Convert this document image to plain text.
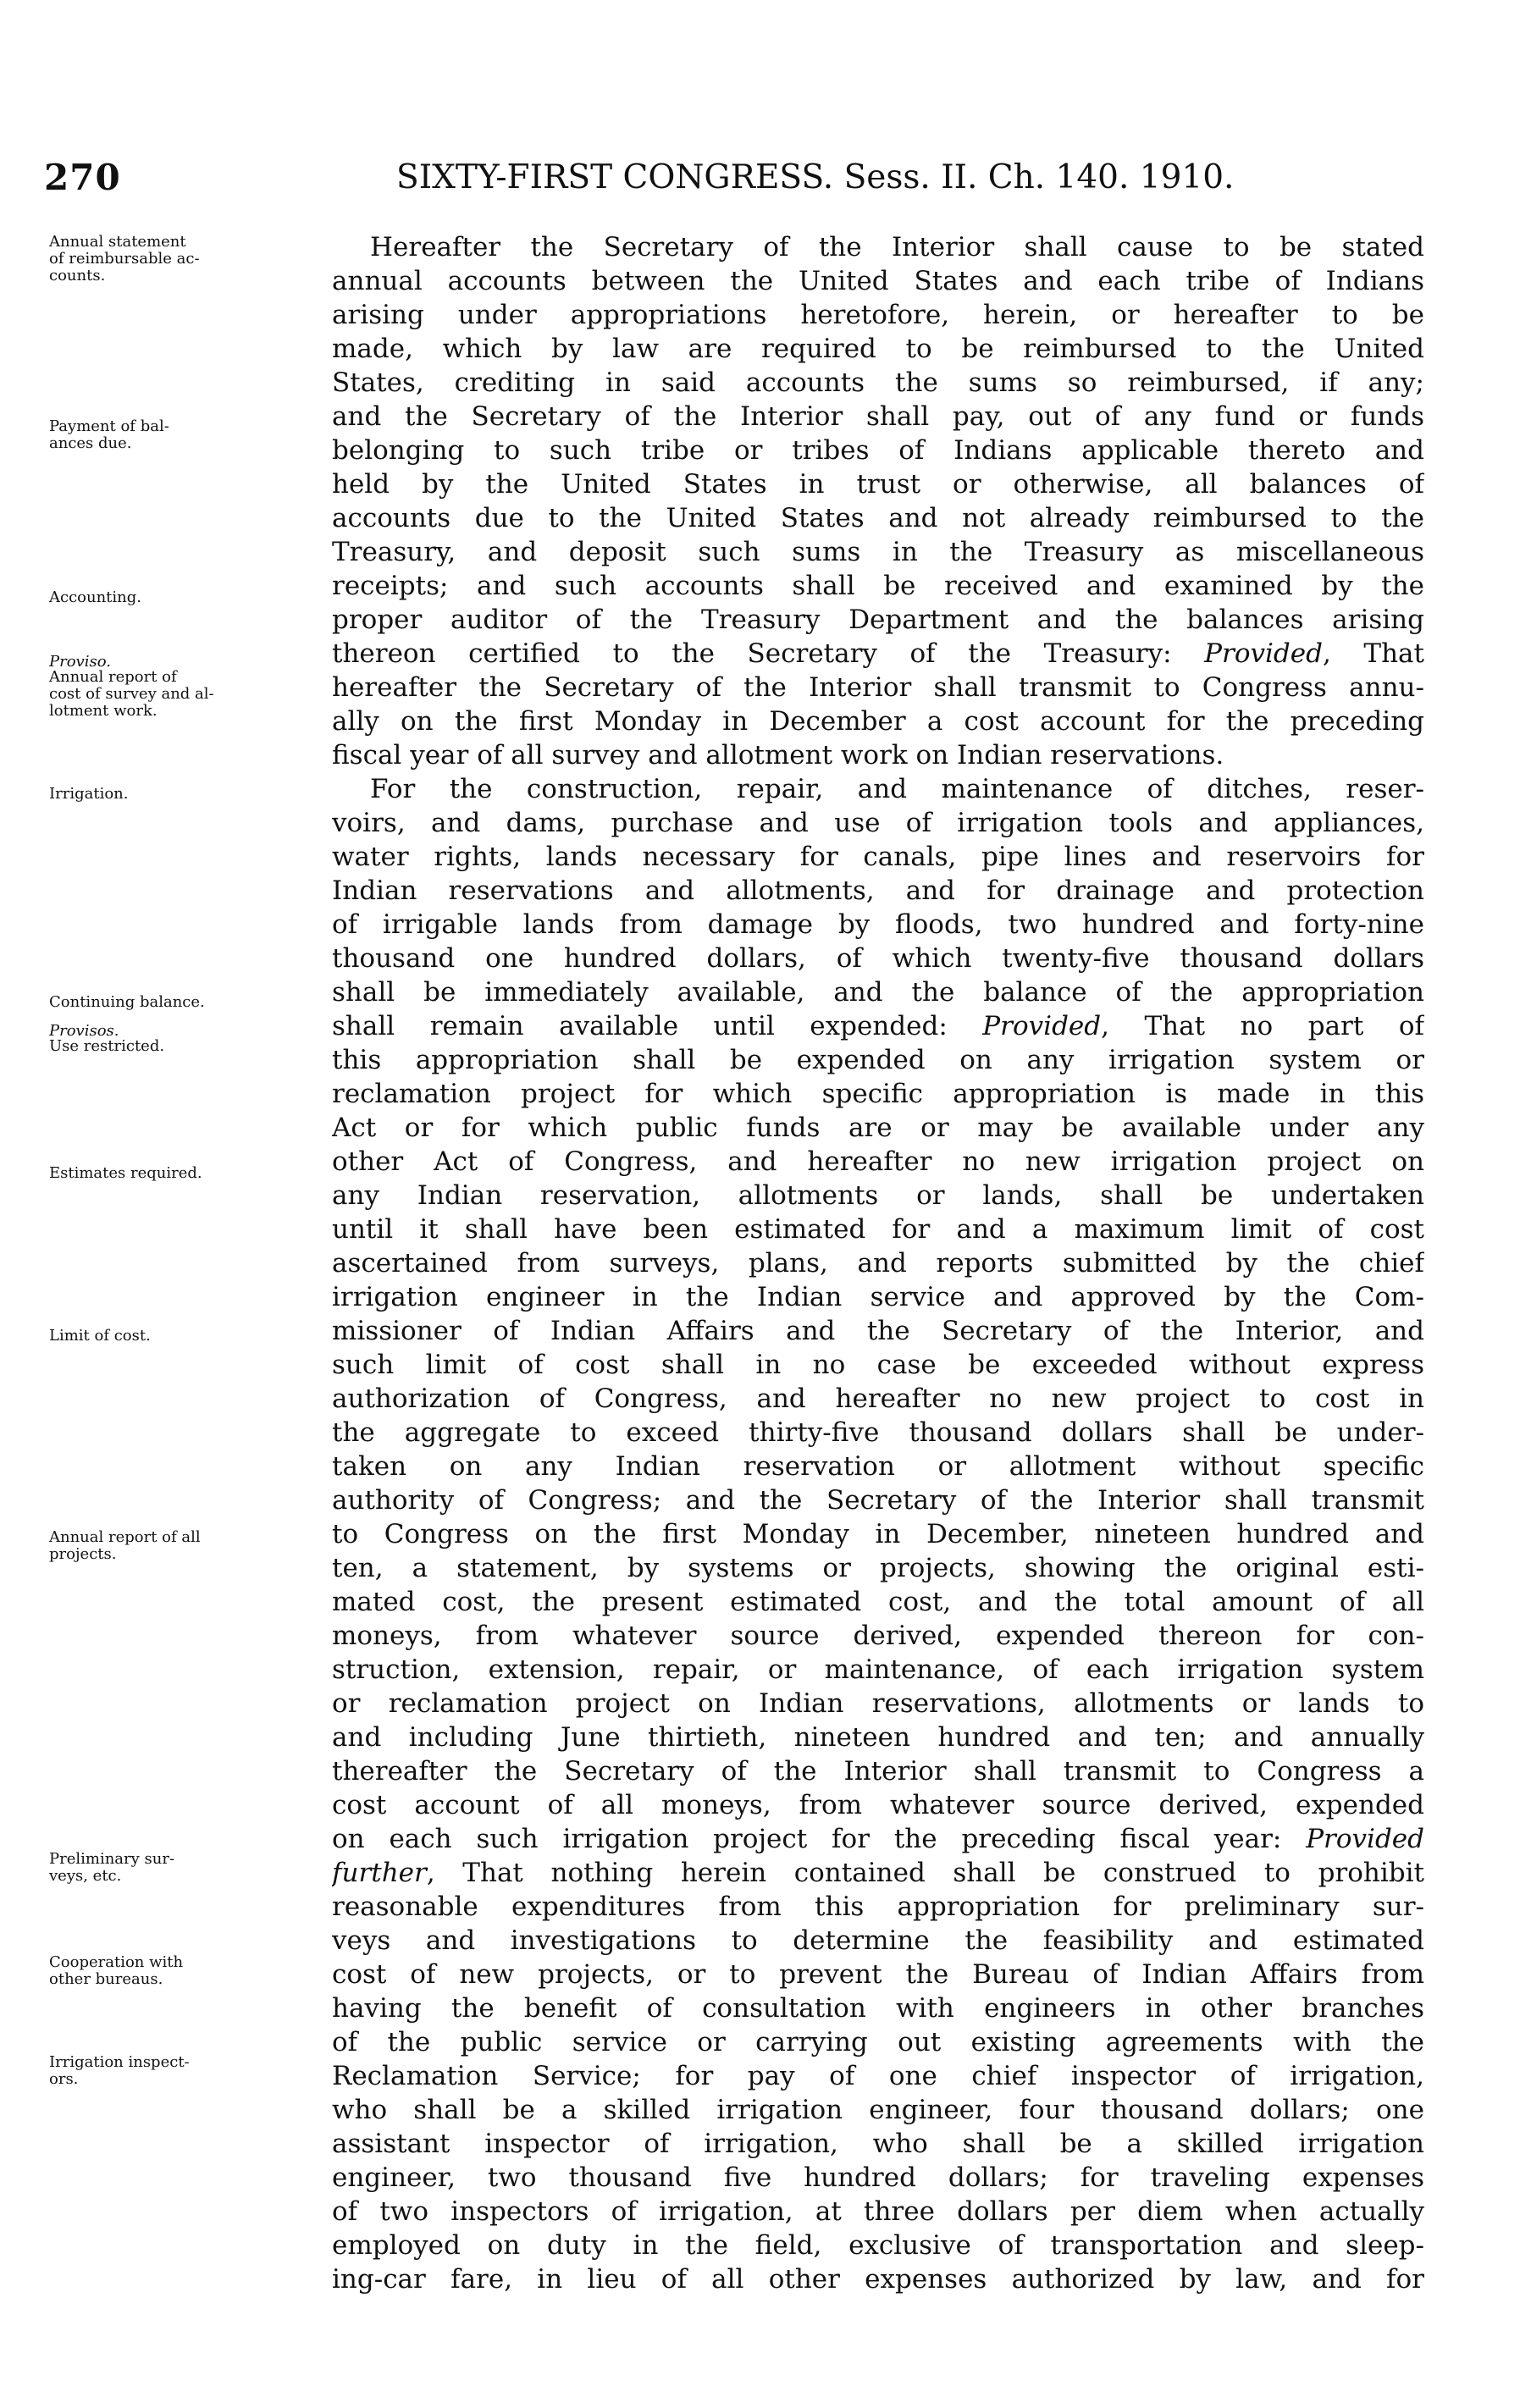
270	SIXTY-FIRST CONGRESS. Sess. II. Ch. 140. 1910.
Annual statement
of reimbursable ac-
counts.
Payment of bal-
ances due.
Accounting.
Proviso.
Annual report of
cost of survey and al-
lotment work.
Irrigation.
Continuing balance.
Provisos.
Use restricted.
Estimates required.
Limit of cost.
Annual report of all
projects.
Preliminary sur-
veys, etc.
Cooperation with
other bureaus.
Irrigation inspect-
ors.
Hereafter the Secretary of the Interior shall cause to be stated
annual accounts between the United States and each tribe of Indians
arising under appropriations heretofore, herein, or hereafter to be
made, which by law are required to be reimbursed to the United
States, crediting in said accounts the sums so reimbursed, if any;
and the Secretary of the Interior shall pay, out of any fund or funds
belonging to such tribe or tribes of Indians applicable thereto and
held by the United States in trust or otherwise, all balances of
accounts due to the United States and not already reimbursed to the
Treasury, and deposit such sums in the Treasury as miscellaneous
receipts; and such accounts shall be received and examined by the
proper auditor of the Treasury Department and the balances arising
thereon certified to the Secretary of the Treasury: Provided, That
hereafter the Secretary of the Interior shall transmit to Congress annu-
ally on the first Monday in December a cost account for the preceding
fiscal year of all survey and allotment work on Indian reservations.
For the construction, repair, and maintenance of ditches, reser-
voirs, and dams, purchase and use of irrigation tools and appliances,
water rights, lands necessary for canals, pipe lines and reservoirs for
Indian reservations and allotments, and for drainage and protection
of irrigable lands from damage by floods, two hundred and forty-nine
thousand one hundred dollars, of which twenty-five thousand dollars
shall be immediately available, and the balance of the appropriation
shall remain available until expended: Provided, That no part of
this appropriation shall be expended on any irrigation system or
reclamation project for which specific appropriation is made in this
Act or for which public funds are or may be available under any
other Act of Congress, and hereafter no new irrigation project on
any Indian reservation, allotments or lands, shall be undertaken
until it shall have been estimated for and a maximum limit of cost
ascertained from surveys, plans, and reports submitted by the chief
irrigation engineer in the Indian service and approved by the Com-
missioner of Indian Affairs and the Secretary of the Interior, and
such limit of cost shall in no case be exceeded without express
authorization of Congress, and hereafter no new project to cost in
the aggregate to exceed thirty-five thousand dollars shall be under-
taken on any Indian reservation or allotment without specific
authority of Congress; and the Secretary of the Interior shall transmit
to Congress on the first Monday in December, nineteen hundred and
ten, a statement, by systems or projects, showing the original esti-
mated cost, the present estimated cost, and the total amount of all
moneys, from whatever source derived, expended thereon for con-
struction, extension, repair, or maintenance, of each irrigation system
or reclamation project on Indian reservations, allotments or lands to
and including June thirtieth, nineteen hundred and ten; and annually
thereafter the Secretary of the Interior shall transmit to Congress a
cost account of all moneys, from whatever source derived, expended
on each such irrigation project for the preceding fiscal year: Provided
further, That nothing herein contained shall be construed to prohibit
reasonable expenditures from this appropriation for preliminary sur-
veys and investigations to determine the feasibility and estimated
cost of new projects, or to prevent the Bureau of Indian Affairs from
having the benefit of consultation with engineers in other branches
of the public service or carrying out existing agreements with the
Reclamation Service; for pay of one chief inspector of irrigation,
who shall be a skilled irrigation engineer, four thousand dollars; one
assistant inspector of irrigation, who shall be a skilled irrigation
engineer, two thousand five hundred dollars; for traveling expenses
of two inspectors of irrigation, at three dollars per diem when actually
employed on duty in the field, exclusive of transportation and sleep-
ing-car fare, in lieu of all other expenses authorized by law, and for
